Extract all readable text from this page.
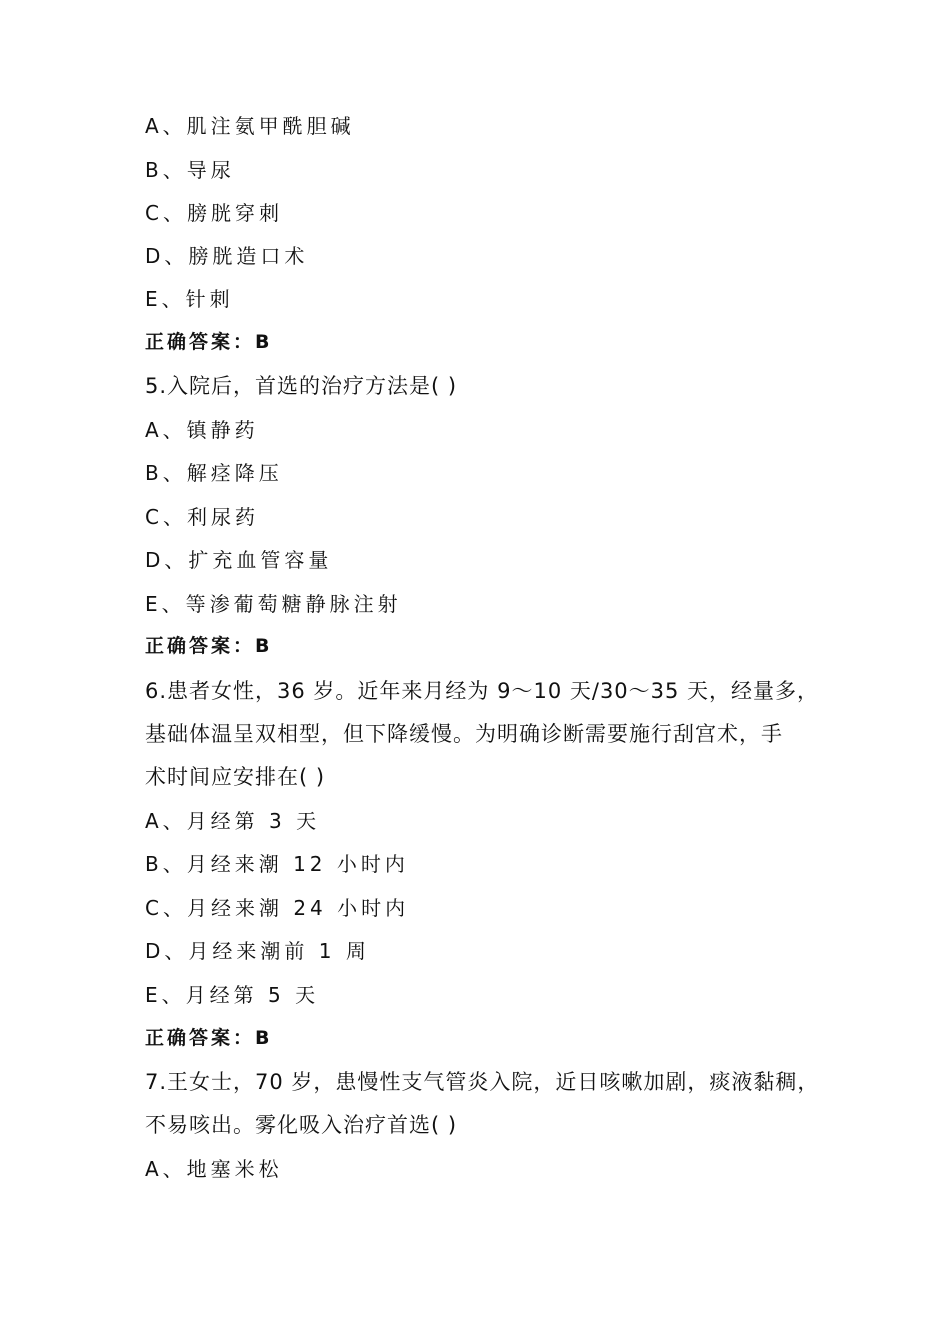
A、肌注氨甲酰胆碱
B、导尿
C、膀胱穿刺
D、膀胱造口术
E、针刺
正确答案：B
5.入院后，首选的治疗方法是( )
A、镇静药
B、解痉降压
C、利尿药
D、扩充血管容量
E、等渗葡萄糖静脉注射
正确答案：B
6.患者女性，36 岁。近年来月经为 9～10 天/30～35 天，经量多，
基础体温呈双相型，但下降缓慢。为明确诊断需要施行刮宫术，手
术时间应安排在( )
A、月经第 3 天
B、月经来潮 12 小时内
C、月经来潮 24 小时内
D、月经来潮前 1 周
E、月经第 5 天
正确答案：B
7.王女士，70 岁，患慢性支气管炎入院，近日咳嗽加剧，痰液黏稠，
不易咳出。雾化吸入治疗首选( )
A、地塞米松
